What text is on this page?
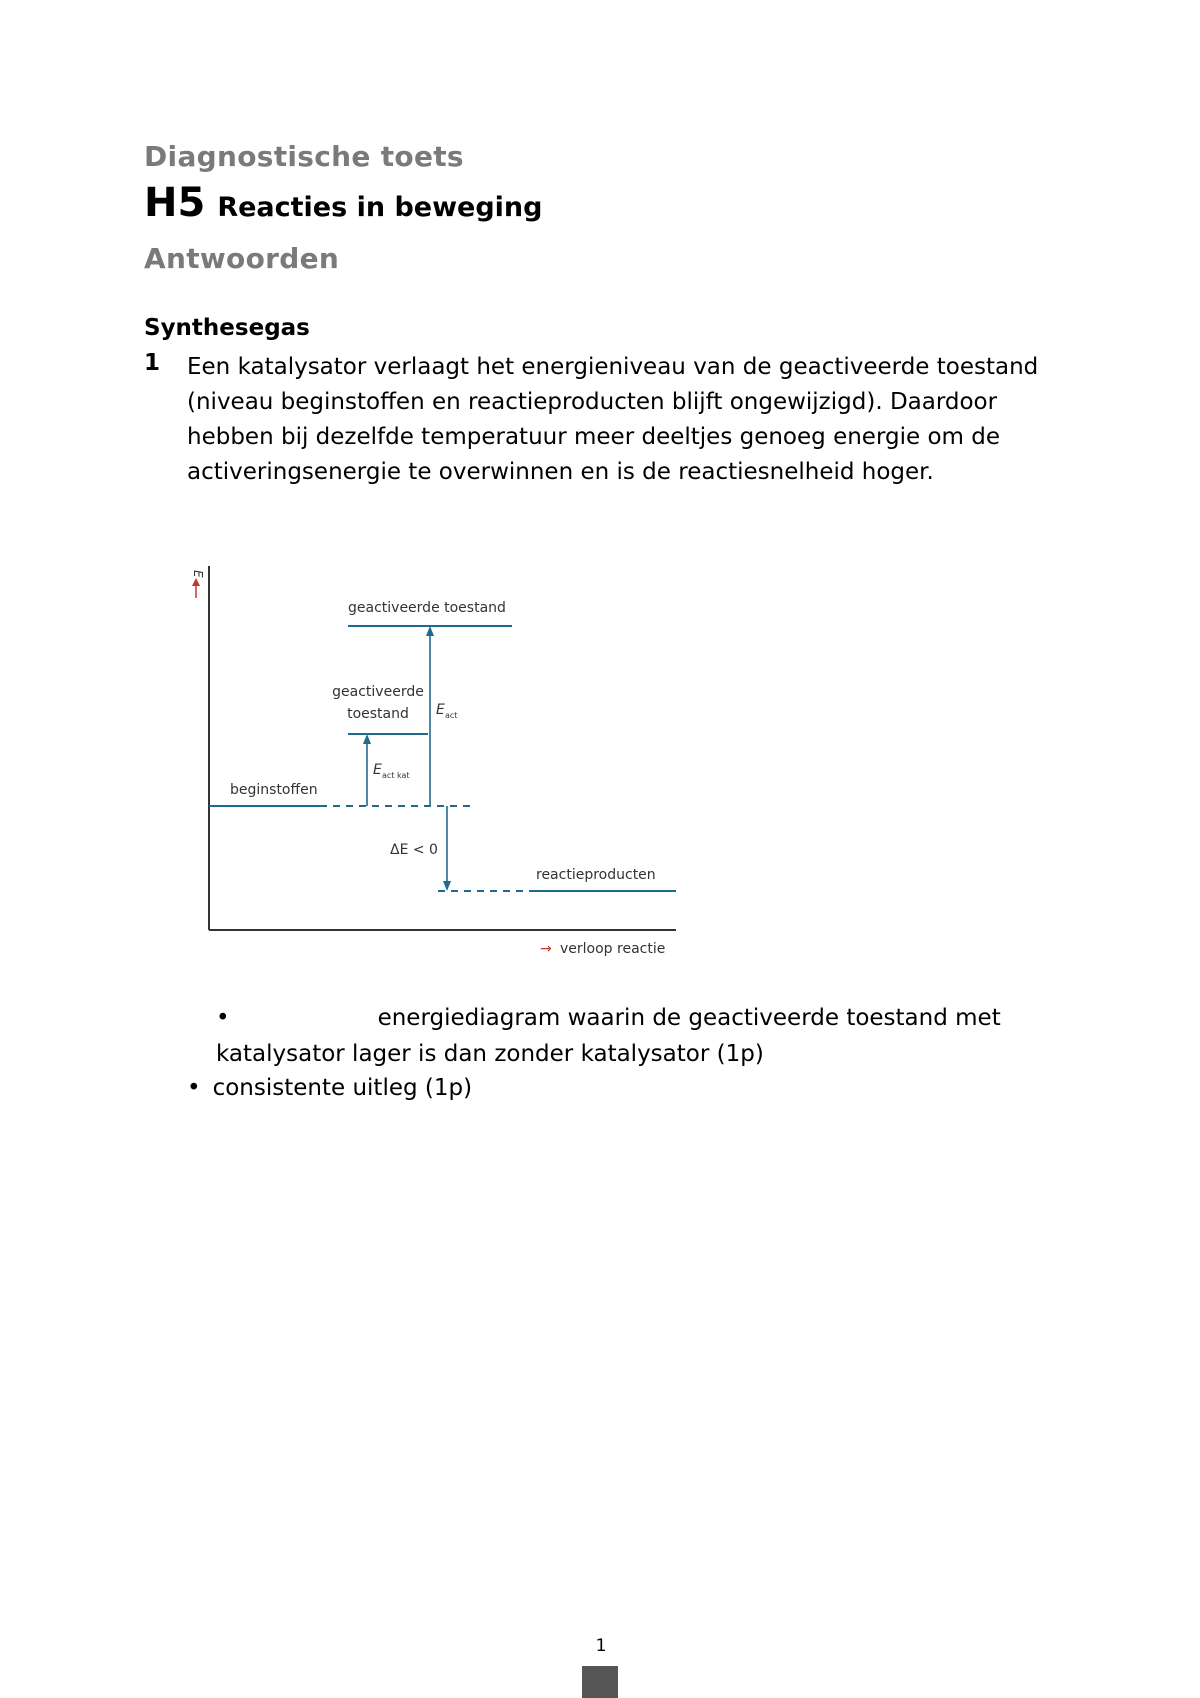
Diagnostische toets
H5 Reacties in beweging
Antwoorden
Synthesegas
1 Een katalysator verlaagt het energieniveau van de geactiveerde toestand (niveau beginstoffen en reactieproducten blijft ongewijzigd). Daardoor hebben bij dezelfde temperatuur meer deeltjes genoeg energie om de activeringsenergie te overwinnen en is de reactiesnelheid hoger.
E
geactiveerde toestand
geactiveerde
toestand
beginstoffen
reactieproducten
E act
E act kat
ΔE < 0
→ verloop reactie
•	energiediagram waarin de geactiveerde toestand met
katalysator lager is dan zonder katalysator (1p)
• consistente uitleg (1p)
1
